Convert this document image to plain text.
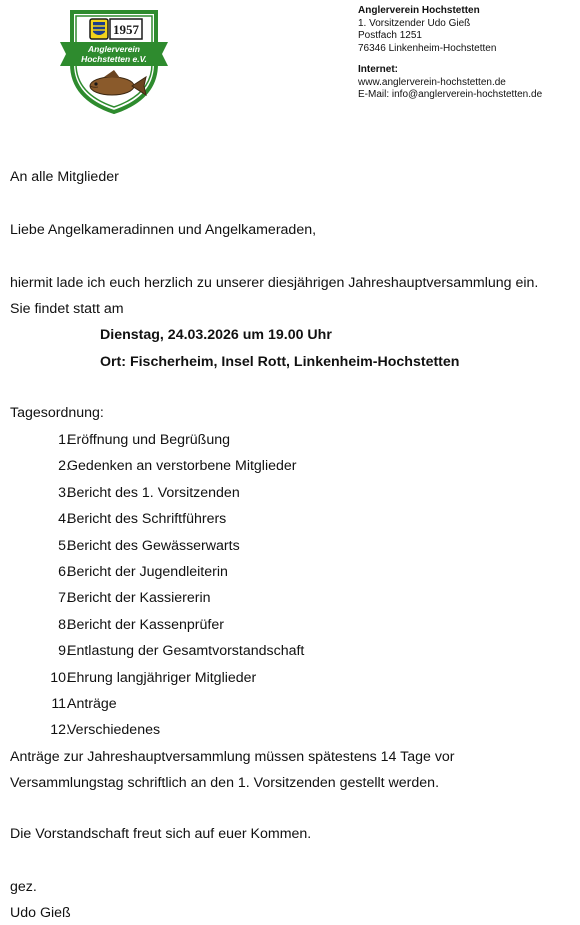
1957
Anglerverein
Hochstetten e.V.
Anglerverein Hochstetten
1. Vorsitzender Udo Gieß
Postfach 1251
76346 Linkenheim-Hochstetten
Internet:
www.anglerverein-hochstetten.de
E-Mail: info@anglerverein-hochstetten.de
An alle Mitglieder
Liebe Angelkameradinnen und Angelkameraden,
hiermit lade ich euch herzlich zu unserer diesjährigen Jahreshauptversammlung ein.
Sie findet statt am
Dienstag, 24.03.2026 um 19.00 Uhr
Ort: Fischerheim, Insel Rott, Linkenheim-Hochstetten
Tagesordnung:
1.
Eröffnung und Begrüßung
2.
Gedenken an verstorbene Mitglieder
3.
Bericht des 1. Vorsitzenden
4.
Bericht des Schriftführers
5.
Bericht des Gewässerwarts
6.
Bericht der Jugendleiterin
7.
Bericht der Kassiererin
8.
Bericht der Kassenprüfer
9.
Entlastung der Gesamtvorstandschaft
10.
Ehrung langjähriger Mitglieder
11.
Anträge
12.
Verschiedenes
Anträge zur Jahreshauptversammlung müssen spätestens 14 Tage vor
Versammlungstag schriftlich an den 1. Vorsitzenden gestellt werden.
Die Vorstandschaft freut sich auf euer Kommen.
gez.
Udo Gieß
